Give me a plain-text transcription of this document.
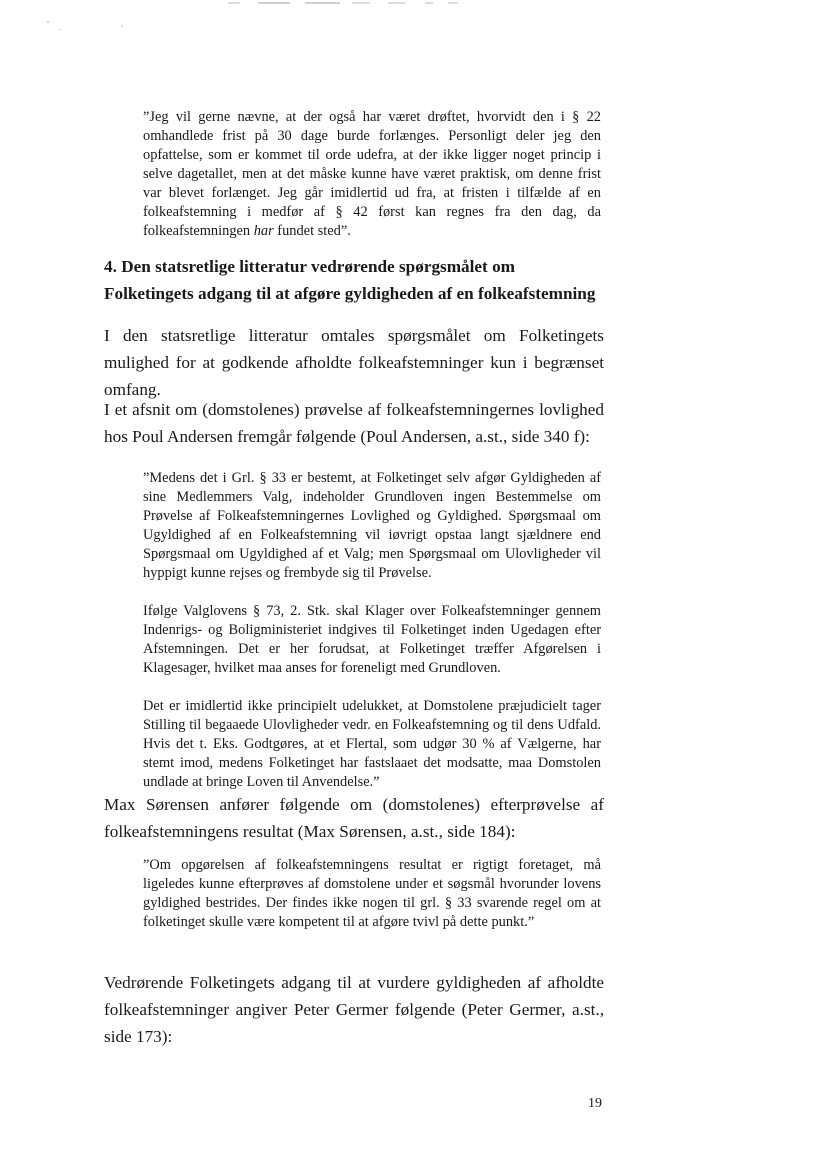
”Jeg vil gerne nævne, at der også har været drøftet, hvorvidt den i § 22 omhandlede frist på 30 dage burde forlænges. Personligt deler jeg den opfattelse, som er kommet til orde udefra, at der ikke ligger noget princip i selve dagetallet, men at det måske kunne have været praktisk, om denne frist var blevet forlænget. Jeg går imidlertid ud fra, at fristen i tilfælde af en folkeafstemning i medfør af § 42 først kan regnes fra den dag, da folkeafstemningen har fundet sted”.

4. Den statsretlige litteratur vedrørende spørgsmålet om Folketingets adgang til at afgøre gyldigheden af en folkeafstemning

I den statsretlige litteratur omtales spørgsmålet om Folketingets mulighed for at godkende afholdte folkeafstemninger kun i begrænset omfang.

I et afsnit om (domstolenes) prøvelse af folkeafstemningernes lovlighed hos Poul Andersen fremgår følgende (Poul Andersen, a.st., side 340 f):

”Medens det i Grl. § 33 er bestemt, at Folketinget selv afgør Gyldigheden af sine Medlemmers Valg, indeholder Grundloven ingen Bestemmelse om Prøvelse af Folkeafstemningernes Lovlighed og Gyldighed. Spørgsmaal om Ugyldighed af en Folkeafstemning vil iøvrigt opstaa langt sjældnere end Spørgsmaal om Ugyldighed af et Valg; men Spørgsmaal om Ulovligheder vil hyppigt kunne rejses og frembyde sig til Prøvelse.

Ifølge Valglovens § 73, 2. Stk. skal Klager over Folkeafstemninger gennem Indenrigs- og Boligministeriet indgives til Folketinget inden Ugedagen efter Afstemningen. Det er her forudsat, at Folketinget træffer Afgørelsen i Klagesager, hvilket maa anses for foreneligt med Grundloven.

Det er imidlertid ikke principielt udelukket, at Domstolene præjudicielt tager Stilling til begaaede Ulovligheder vedr. en Folkeafstemning og til dens Udfald. Hvis det t. Eks. Godtgøres, at et Flertal, som udgør 30 % af Vælgerne, har stemt imod, medens Folketinget har fastslaaet det modsatte, maa Domstolen undlade at bringe Loven til Anvendelse.”

Max Sørensen anfører følgende om (domstolenes) efterprøvelse af folkeafstemningens resultat (Max Sørensen, a.st., side 184):

”Om opgørelsen af folkeafstemningens resultat er rigtigt foretaget, må ligeledes kunne efterprøves af domstolene under et søgsmål hvorunder lovens gyldighed bestrides. Der findes ikke nogen til grl. § 33 svarende regel om at folketinget skulle være kompetent til at afgøre tvivl på dette punkt.”

Vedrørende Folketingets adgang til at vurdere gyldigheden af afholdte folkeafstemninger angiver Peter Germer følgende (Peter Germer, a.st., side 173):

19
